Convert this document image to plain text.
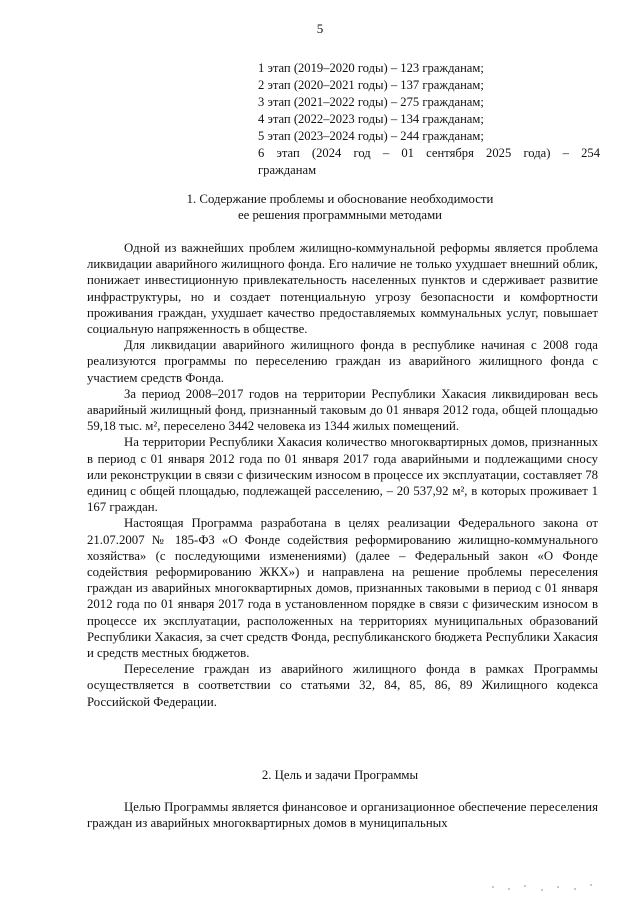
5
1 этап (2019–2020 годы) – 123 гражданам;
2 этап (2020–2021 годы) – 137 гражданам;
3 этап (2021–2022 годы) – 275 гражданам;
4 этап (2022–2023 годы) – 134 гражданам;
5 этап (2023–2024 годы) – 244 гражданам;
6 этап (2024 год – 01 сентября 2025 года) – 254
гражданам
1. Содержание проблемы и обоснование необходимости
ее решения программными методами

Одной из важнейших проблем жилищно-коммунальной реформы является проблема ликвидации аварийного жилищного фонда. Его наличие не только ухудшает внешний облик, понижает инвестиционную привлекательность населенных пунктов и сдерживает развитие инфраструктуры, но и создает потенциальную угрозу безопасности и комфортности проживания граждан, ухудшает качество предоставляемых коммунальных услуг, повышает социальную напряженность в обществе.

Для ликвидации аварийного жилищного фонда в республике начиная с 2008 года реализуются программы по переселению граждан из аварийного жилищного фонда с участием средств Фонда.

За период 2008–2017 годов на территории Республики Хакасия ликвидирован весь аварийный жилищный фонд, признанный таковым до 01 января 2012 года, общей площадью 59,18 тыс. м², переселено 3442 человека из 1344 жилых помещений.

На территории Республики Хакасия количество многоквартирных домов, признанных в период с 01 января 2012 года по 01 января 2017 года аварийными и подлежащими сносу или реконструкции в связи с физическим износом в процессе их эксплуатации, составляет 78 единиц с общей площадью, подлежащей расселению, – 20 537,92 м², в которых проживает 1 167 граждан.

Настоящая Программа разработана в целях реализации Федерального закона от 21.07.2007 № 185-ФЗ «О Фонде содействия реформированию жилищно-коммунального хозяйства» (с последующими изменениями) (далее – Федеральный закон «О Фонде содействия реформированию ЖКХ») и направлена на решение проблемы переселения граждан из аварийных многоквартирных домов, признанных таковыми в период с 01 января 2012 года по 01 января 2017 года в установленном порядке в связи с физическим износом в процессе их эксплуатации, расположенных на территориях муниципальных образований Республики Хакасия, за счет средств Фонда, республиканского бюджета Республики Хакасия и средств местных бюджетов.

Переселение граждан из аварийного жилищного фонда в рамках Программы осуществляется в соответствии со статьями 32, 84, 85, 86, 89 Жилищного кодекса Российской Федерации.

2. Цель и задачи Программы

Целью Программы является финансовое и организационное обеспечение переселения граждан из аварийных многоквартирных домов в муниципальных
